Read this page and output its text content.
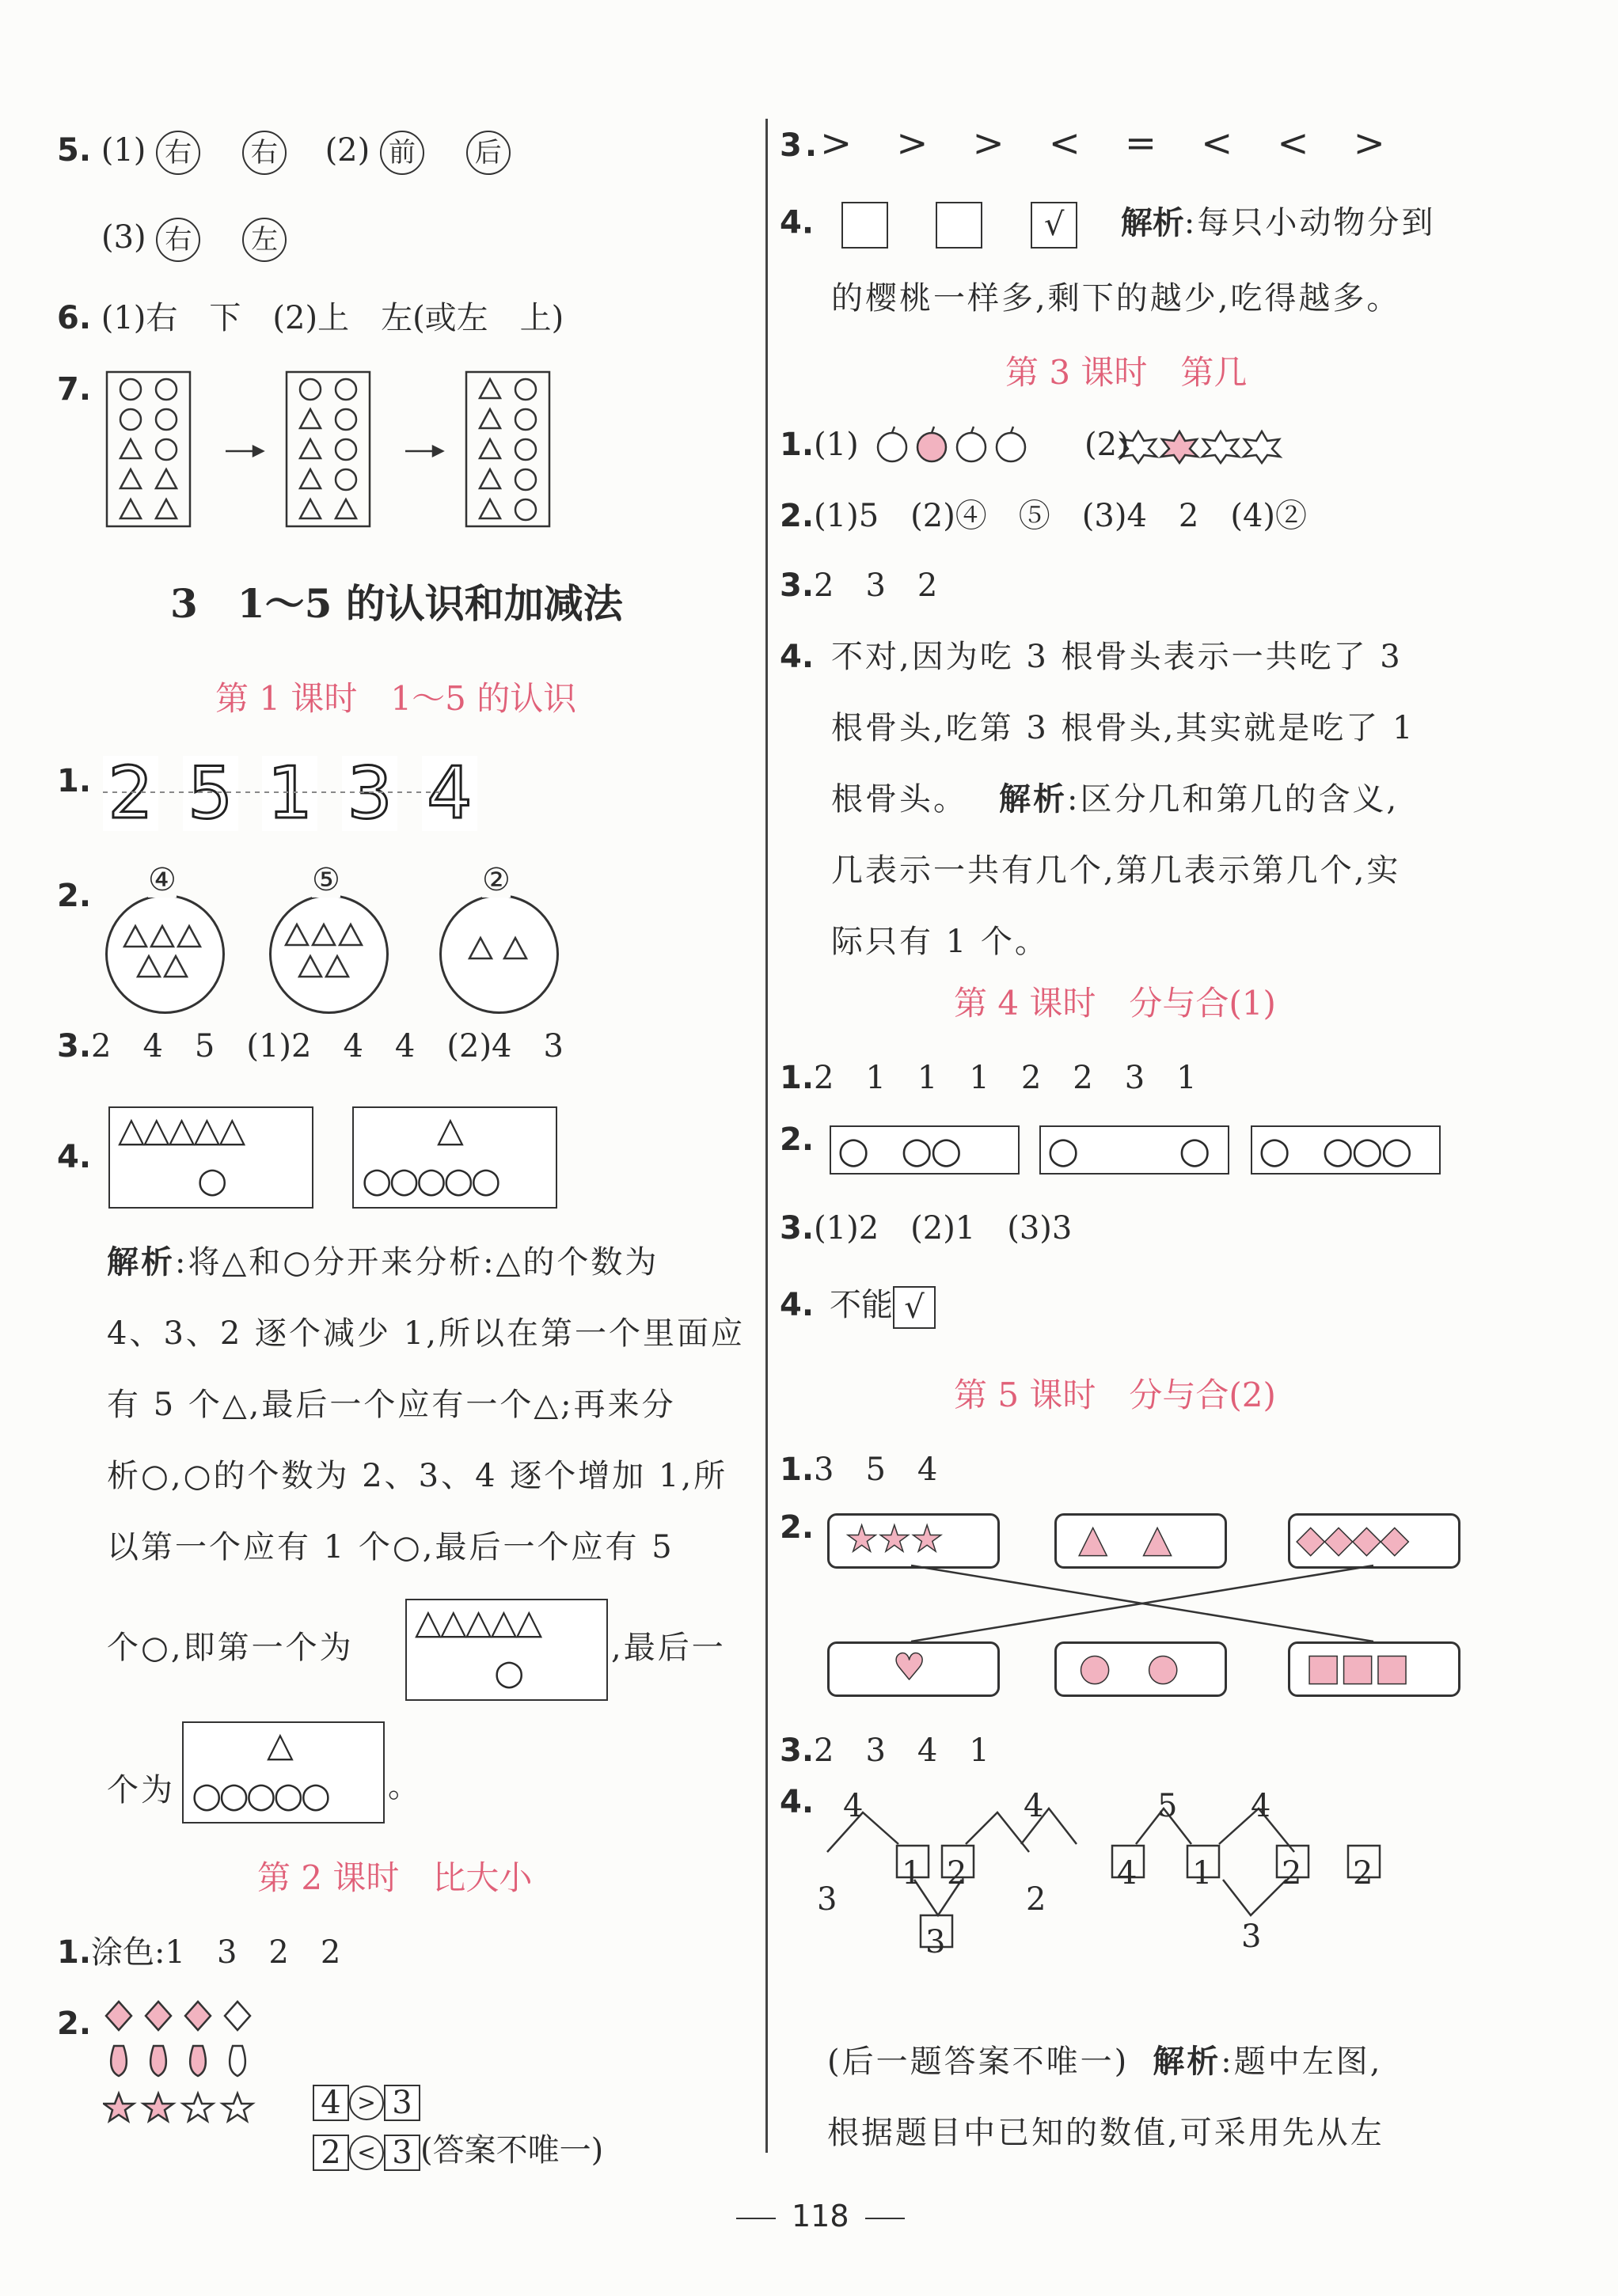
5. (1) 右 右 (2) 前 后
(3) 右 左
6. (1)右　下　(2)上　左(或左　上)
7.
3　1～5 的认识和加减法
第 1 课时　1～5 的认识
1. 2 5 1 3 4
2. ④	⑤	②
3.2　4　5　(1)2　4　4　(2)4　3
4.
△△△△△
○
△
○○○○○
解析:将△和○分开来分析:△的个数为
4、3、2 逐个减少 1,所以在第一个里面应
有 5 个△,最后一个应有一个△;再来分
析○,○的个数为 2、3、4 逐个增加 1,所
以第一个应有 1 个○,最后一个应有 5
个○,即第一个为
△△△△△
○
,最后一
个为
△
○○○○○ 。
第 2 课时　比大小
1.涂色:1　3　2　2
2.
4 > 3
2 < 3 (答案不唯一)
3.>　>　>　<　=　<　<　>
4.	√ 解析:每只小动物分到
的樱桃一样多,剩下的越少,吃得越多。
第 3 课时　第几
1.(1)	(2)
2.(1)5　(2)④　⑤　(3)4　2　(4)②
3.2　3　2
4. 不对,因为吃 3 根骨头表示一共吃了 3
根骨头,吃第 3 根骨头,其实就是吃了 1
根骨头。 解析:区分几和第几的含义,
几表示一共有几个,第几表示第几个,实
际只有 1 个。
第 4 课时　分与合(1)
1.2　1　1　1　2　2　3　1
2. ○　○○ ○　　　○ ○　○○○
3.(1)2　(2)1　(3)3
4. 不能 √
第 5 课时　分与合(2)
1.3　5　4
2. ★★★	▲　▲	◆◆◆◆
♥	●　●	■■■
3.2　3　4　1
4. 4
3
1
4
2
2
3
5
4 1
4
2 2
3
(后一题答案不唯一) 解析:题中左图,
根据题目中已知的数值,可采用先从左
118
